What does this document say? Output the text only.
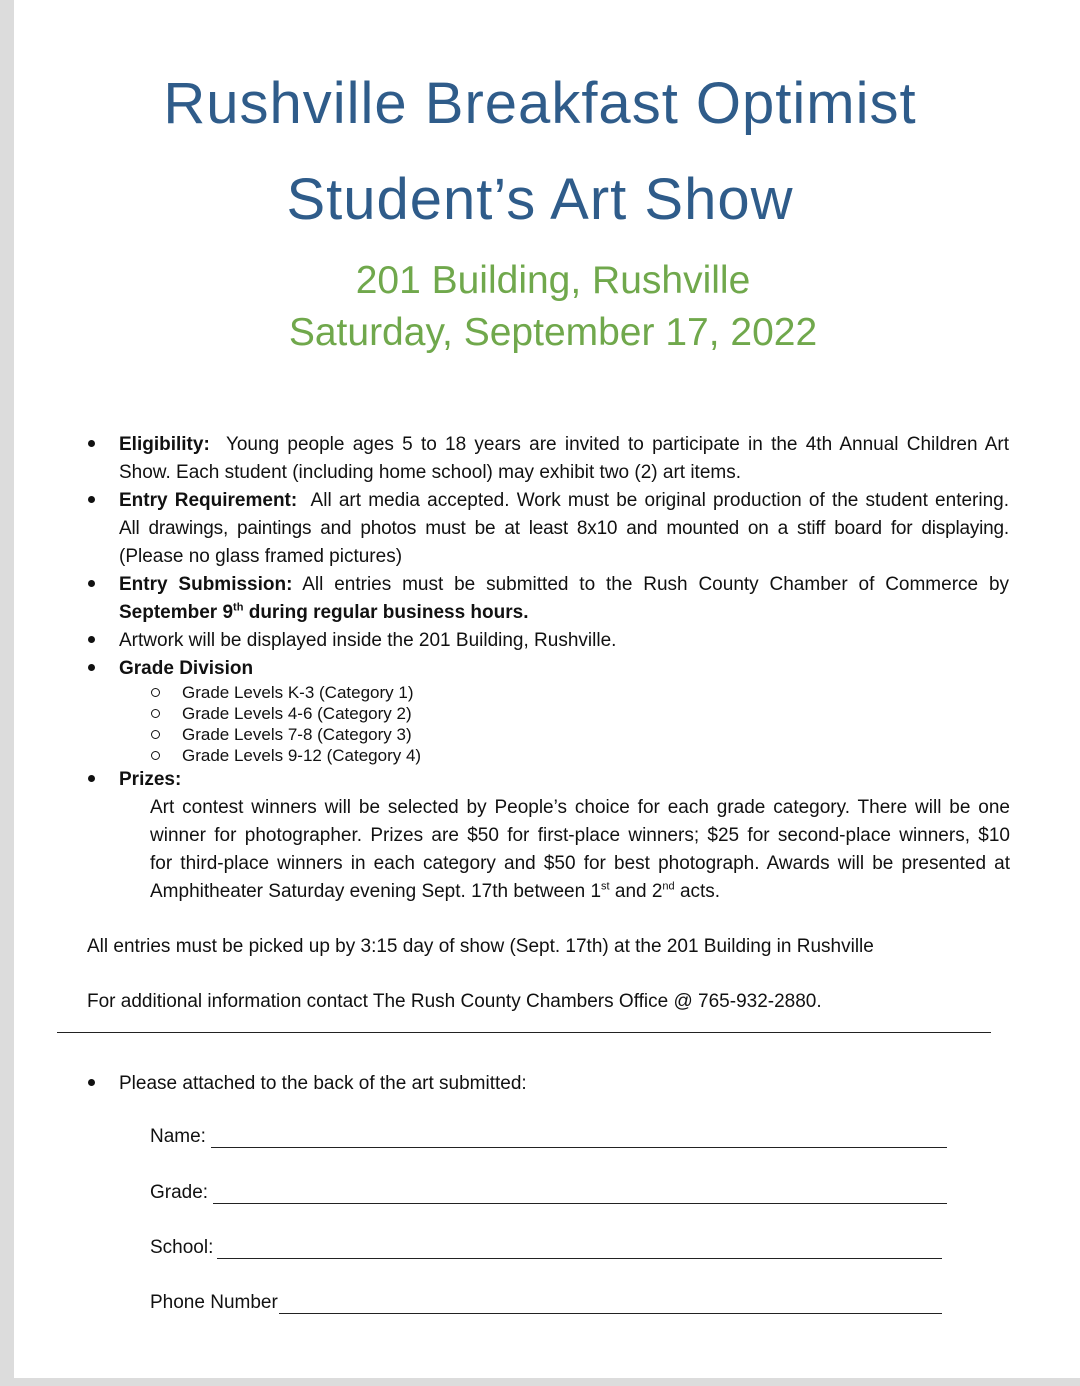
Rushville Breakfast Optimist
Student’s Art Show
201 Building, Rushville
Saturday, September 17, 2022
Eligibility: Young people ages 5 to 18 years are invited to participate in the 4th Annual Children Art
Show. Each student (including home school) may exhibit two (2) art items.
Entry Requirement: All art media accepted. Work must be original production of the student entering.
All drawings, paintings and photos must be at least 8x10 and mounted on a stiff board for displaying.
(Please no glass framed pictures)
Entry Submission: All entries must be submitted to the Rush County Chamber of Commerce by
September 9th during regular business hours.
Artwork will be displayed inside the 201 Building, Rushville.
Grade Division
Grade Levels K-3 (Category 1)
Grade Levels 4-6 (Category 2)
Grade Levels 7-8 (Category 3)
Grade Levels 9-12 (Category 4)
Prizes:
Art contest winners will be selected by People’s choice for each grade category. There will be one
winner for photographer. Prizes are $50 for first-place winners; $25 for second-place winners, $10
for third-place winners in each category and $50 for best photograph. Awards will be presented at
Amphitheater Saturday evening Sept. 17th between 1st and 2nd acts.
All entries must be picked up by 3:15 day of show (Sept. 17th) at the 201 Building in Rushville
For additional information contact The Rush County Chambers Office @ 765-932-2880.
Please attached to the back of the art submitted:
Name:
Grade:
School:
Phone Number
